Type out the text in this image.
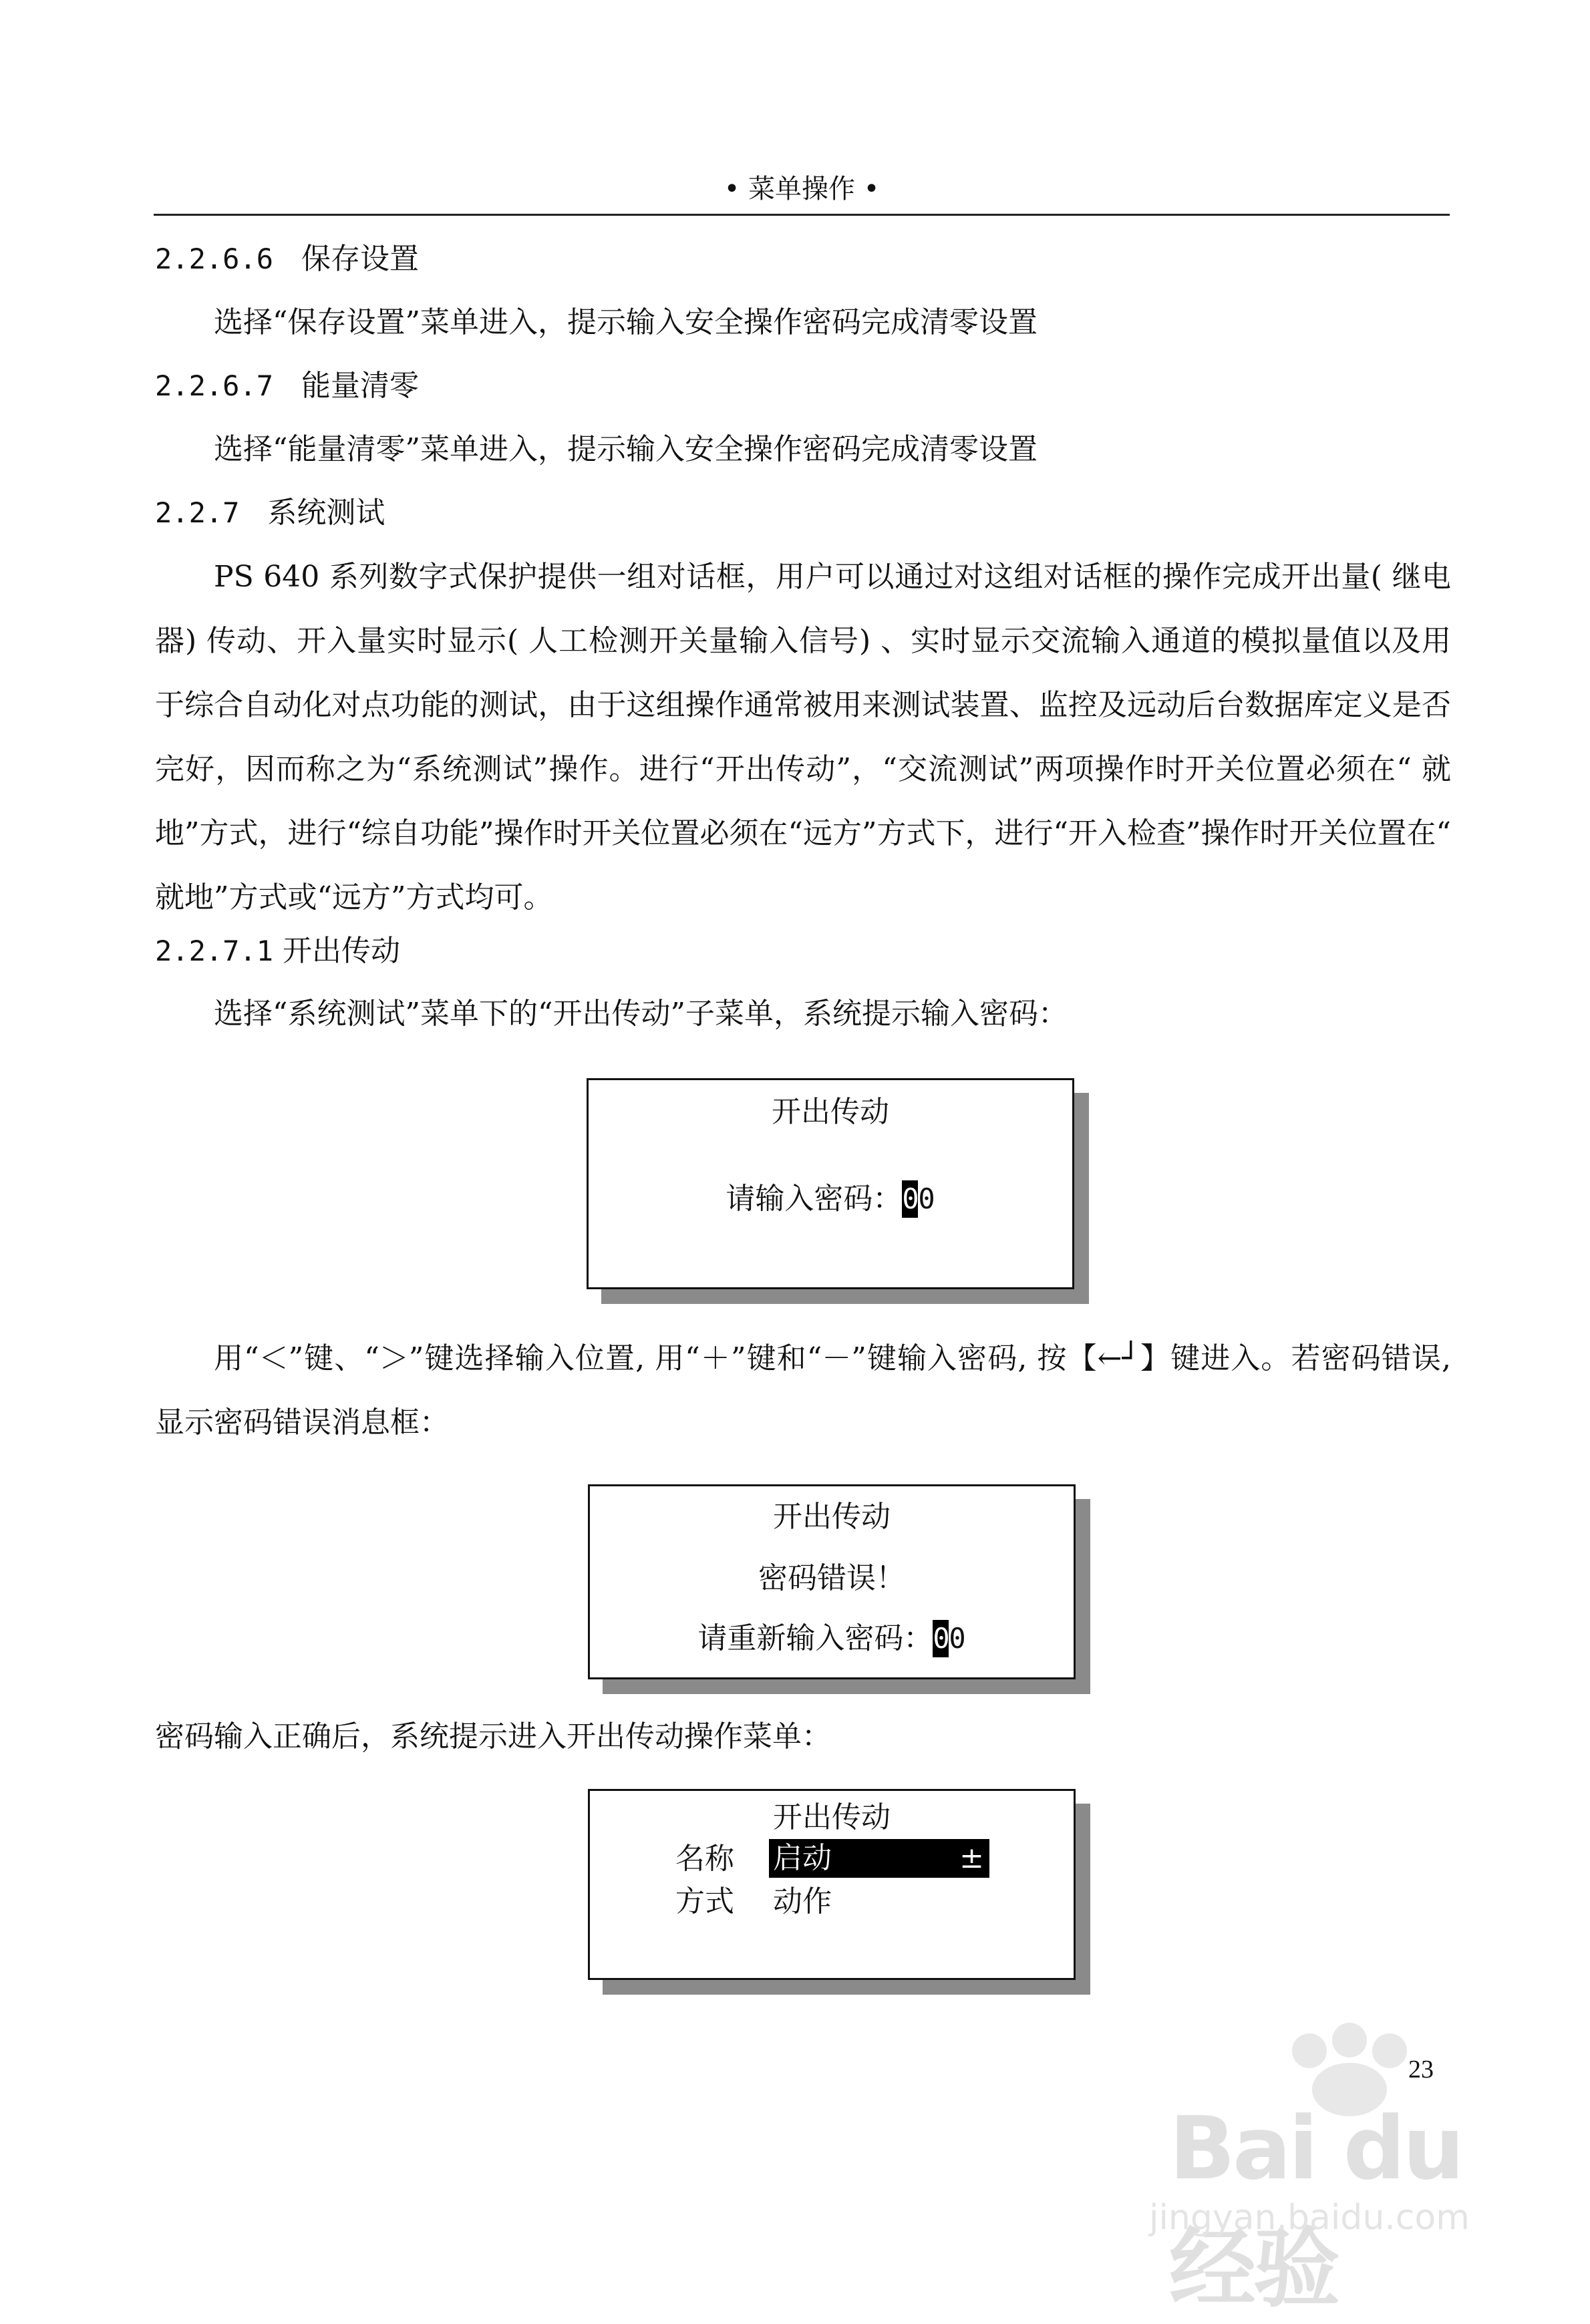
• 菜单操作 •
2.2.6.6 保存设置
选择“保存设置”菜单进入，提示输入安全操作密码完成清零设置
2.2.6.7 能量清零
选择“能量清零”菜单进入，提示输入安全操作密码完成清零设置
2.2.7 系统测试
PS 640 系列数字式保护提供一组对话框，用户可以通过对这组对话框的操作完成开出量( 继电器) 传动、开入量实时显示( 人工检测开关量输入信号) 、实时显示交流输入通道的模拟量值以及用于综合自动化对点功能的测试，由于这组操作通常被用来测试装置、监控及远动后台数据库定义是否完好，因而称之为“系统测试”操作。进行“开出传动”，“交流测试”两项操作时开关位置必须在“ 就地”方式，进行“综自功能”操作时开关位置必须在“远方”方式下，进行“开入检查”操作时开关位置在“ 就地”方式或“远方”方式均可。
2.2.7.1 开出传动
选择“系统测试”菜单下的“开出传动”子菜单，系统提示输入密码：
开出传动
请输入密码：00
用“＜”键、“＞”键选择输入位置, 用“＋”键和“－”键输入密码, 按【←┘】键进入。若密码错误, 显示密码错误消息框：
开出传动
密码错误！
请重新输入密码：00
密码输入正确后，系统提示进入开出传动操作菜单：
开出传动
名称 启动	±
方式 动作
23
Bai du 经验
jingyan.baidu.com
